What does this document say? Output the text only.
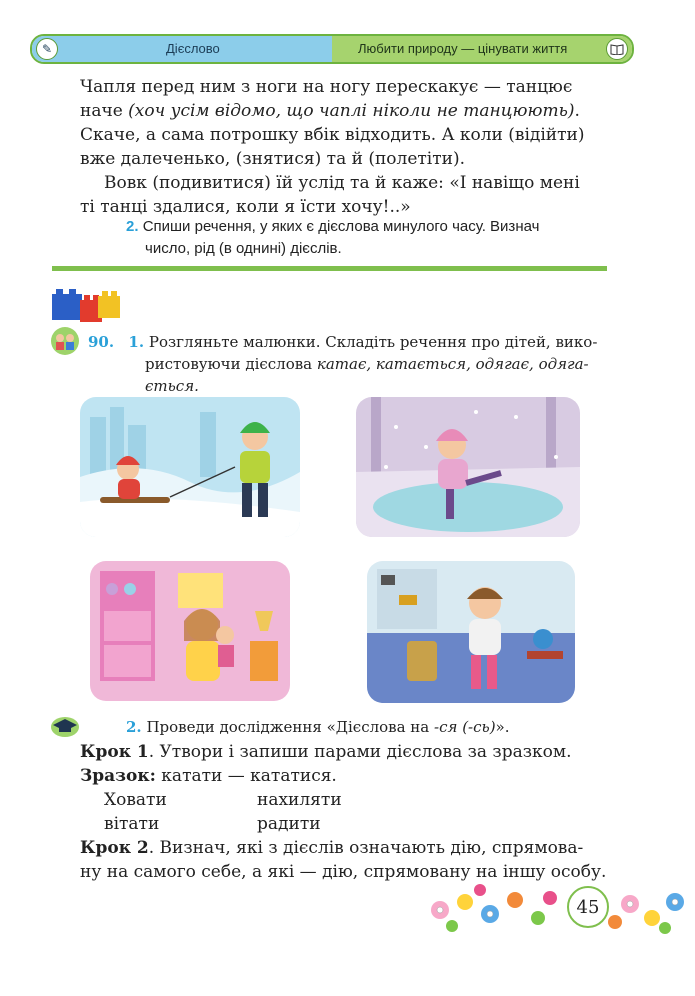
✎	Дієслово	Любити природу — цінувати життя
Чапля перед ним з ноги на ногу перескакує — танцює
наче (хоч усім відомо, що чаплі ніколи не танцюють).
Скаче, а сама потрошку вбік відходить. А коли (відійти)
вже далеченько, (знятися) та й (полетіти).
Вовк (подивитися) їй услід та й каже: «І навіщо мені
ті танці здалися, коли я їсти хочу!..»
2. Спиши речення, у яких є дієслова минулого часу. Визнач
число, рід (в однині) дієслів.
90. 1. Розгляньте малюнки. Складіть речення про дітей, вико-
ристовуючи дієслова катає, катається, одягає, одяга-
ється.
2. Проведи дослідження «Дієслова на -ся (-сь)».
Крок 1. Утвори і запиши парами дієслова за зразком.
Зразок: катати — кататися.
Ховати	нахиляти
вітати	радити
Крок 2. Визнач, які з дієслів означають дію, спрямова-
ну на самого себе, а які — дію, спрямовану на іншу особу.
45
